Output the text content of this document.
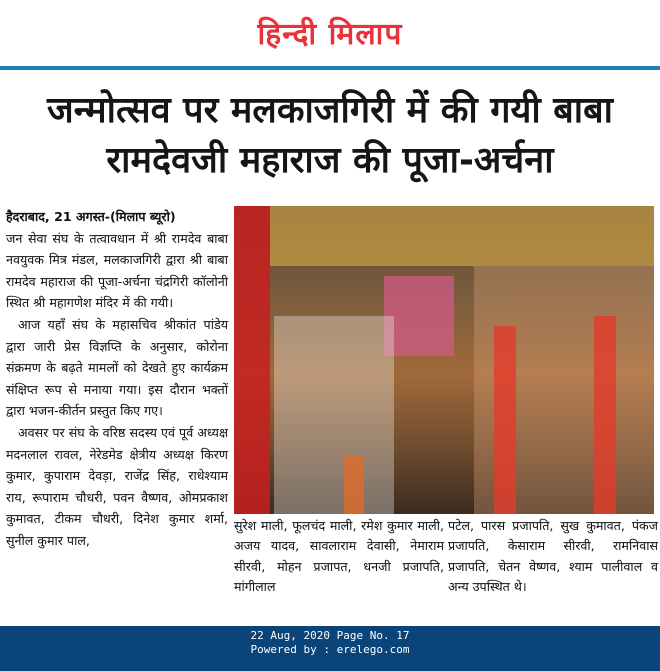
हिन्दी मिलाप
जन्मोत्सव पर मलकाजगिरी में की गयी बाबा
रामदेवजी महाराज की पूजा-अर्चना

हैदराबाद, 21 अगस्त-(मिलाप ब्यूरो)

जन सेवा संघ के तत्वावधान में श्री रामदेव बाबा नवयुवक मित्र मंडल, मलकाजगिरी द्वारा श्री बाबा रामदेव महाराज की पूजा-अर्चना चंद्रगिरी कॉलोनी स्थित श्री महागणेश मंदिर में की गयी।

आज यहाँ संघ के महासचिव श्रीकांत पांडेय द्वारा जारी प्रेस विज्ञप्ति के अनुसार, कोरोना संक्रमण के बढ़ते मामलों को देखते हुए कार्यक्रम संक्षिप्त रूप से मनाया गया। इस दौरान भक्तों द्वारा भजन-कीर्तन प्रस्तुत किए गए।

अवसर पर संघ के वरिष्ठ सदस्य एवं पूर्व अध्यक्ष मदनलाल रावल, नेरेडमेड क्षेत्रीय अध्यक्ष किरण कुमार, कुपाराम देवड़ा, राजेंद्र सिंह, राधेश्याम राय, रूपाराम चौधरी, पवन वैष्णव, ओमप्रकाश कुमावत, टीकम चौधरी, दिनेश कुमार शर्मा, सुनील कुमार पाल,

सुरेश माली, फूलचंद माली, रमेश कुमार माली, अजय यादव, सावलाराम देवासी, नेमाराम सीरवी, मोहन प्रजापत, धनजी प्रजापति, मांगीलाल
पटेल, पारस प्रजापति, सुख कुमावत, पंकज प्रजापति, केसाराम सीरवी, रामनिवास प्रजापति, चेतन वेष्णव, श्याम पालीवाल व अन्य उपस्थित थे।
22 Aug, 2020 Page No. 17
Powered by : erelego.com
